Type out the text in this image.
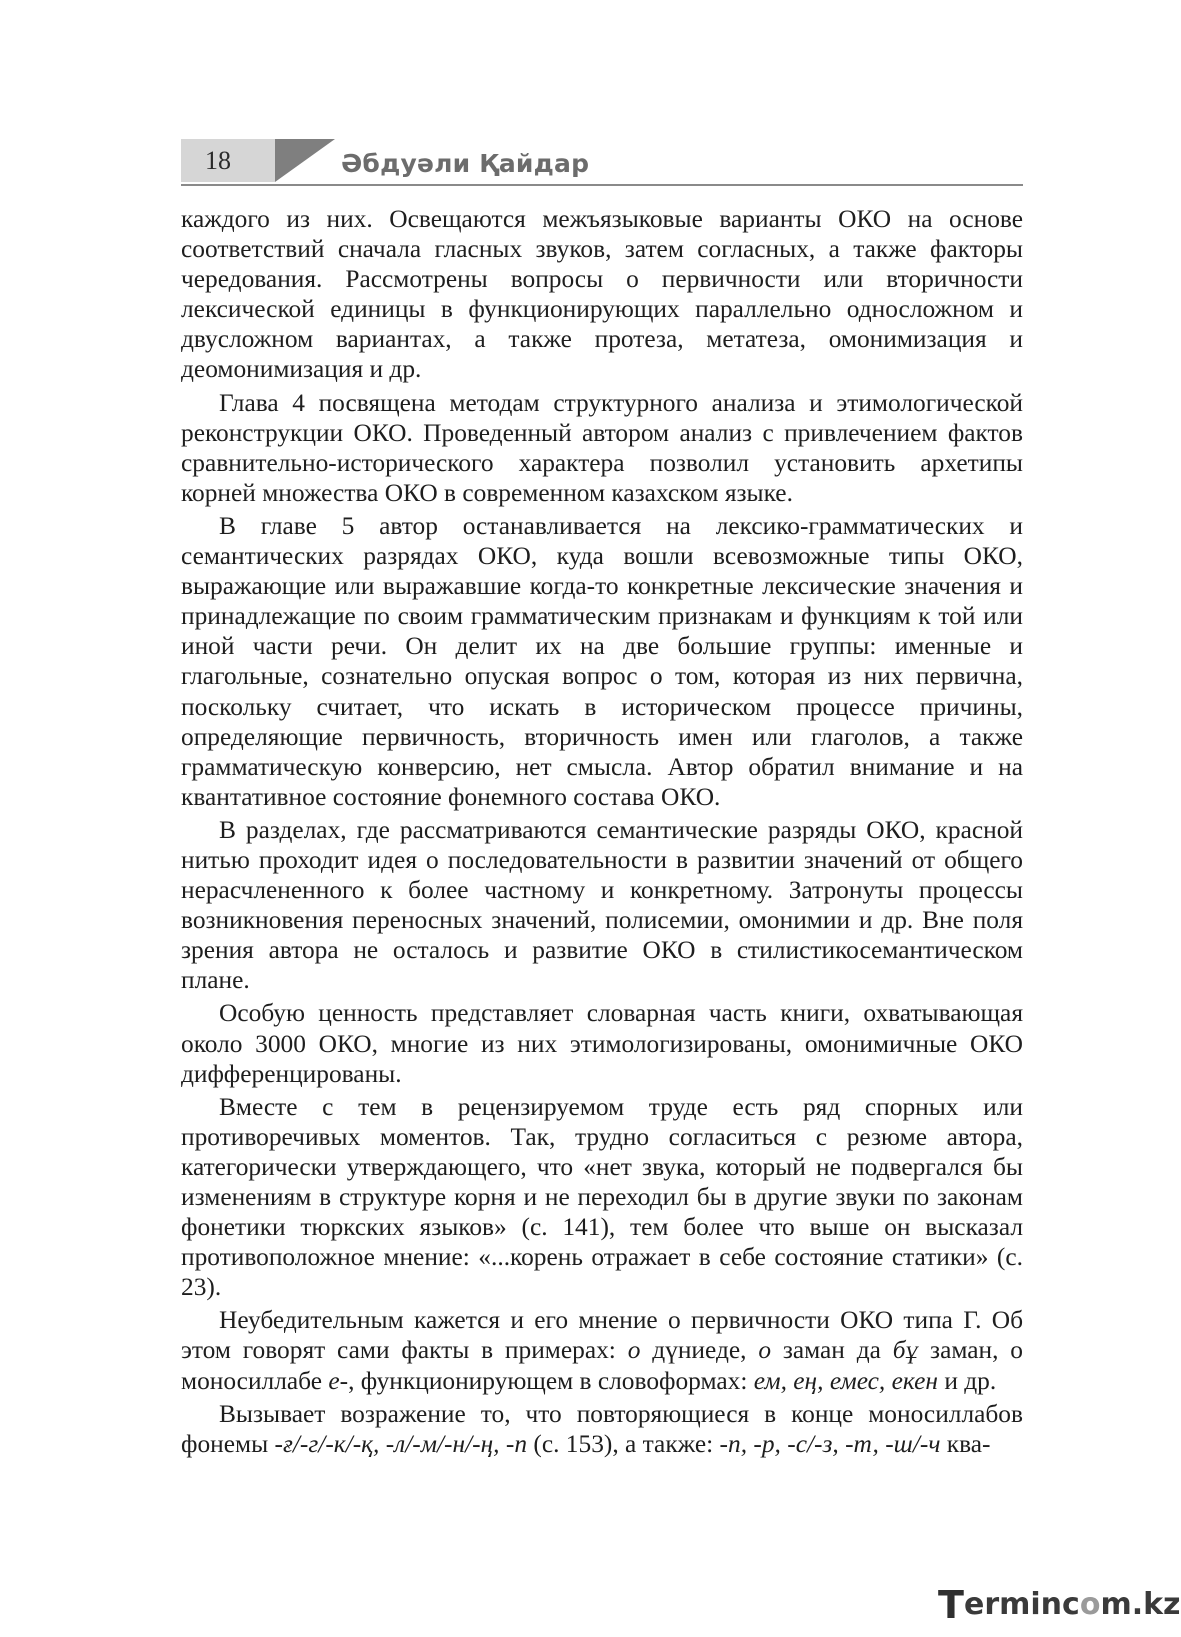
18	Әбдуәли Қайдар

каждого из них. Освещаются межъязыковые варианты ОКО на основе соответствий сначала гласных звуков, затем согласных, а также факторы чередования. Рассмотрены вопросы о первичности или вторичности лексической единицы в функционирующих параллельно односложном и двусложном вариантах, а также протеза, метатеза, омонимизация и деомонимизация и др.

Глава 4 посвящена методам структурного анализа и этимологической реконструкции ОКО. Проведенный автором анализ с привлечением фактов сравнительно-исторического характера позволил установить архетипы корней множества ОКО в современном казахском языке.

В главе 5 автор останавливается на лексико-грамматических и семантических разрядах ОКО, куда вошли всевозможные типы ОКО, выражающие или выражавшие когда-то конкретные лексические значения и принадлежащие по своим грамматическим признакам и функциям к той или иной части речи. Он делит их на две большие группы: именные и глагольные, сознательно опуская вопрос о том, которая из них первична, поскольку считает, что искать в историческом процессе причины, определяющие первичность, вторичность имен или глаголов, а также грамматическую конверсию, нет смысла. Автор обратил внимание и на квантативное состояние фонемного состава ОКО.

В разделах, где рассматриваются семантические разряды ОКО, красной нитью проходит идея о последовательности в развитии значений от общего нерасчлененного к более частному и конкретному. Затронуты процессы возникновения переносных значений, полисемии, омонимии и др. Вне поля зрения автора не осталось и развитие ОКО в стилистикосемантическом плане.

Особую ценность представляет словарная часть книги, охватывающая около 3000 ОКО, многие из них этимологизированы, омонимичные ОКО дифференцированы.

Вместе с тем в рецензируемом труде есть ряд спорных или противоречивых моментов. Так, трудно согласиться с резюме автора, категорически утверждающего, что «нет звука, который не подвергался бы изменениям в структуре корня и не переходил бы в другие звуки по законам фонетики тюркских языков» (с. 141), тем более что выше он высказал противоположное мнение: «...корень отражает в себе состояние статики» (с. 23).

Неубедительным кажется и его мнение о первичности ОКО типа Г. Об этом говорят сами факты в примерах: о дүниеде, о заман да бұ заман, о моносиллабе е-, функционирующем в словоформах: ем, ең, емес, екен и др.

Вызывает возражение то, что повторяющиеся в конце моносиллабов фонемы -ғ/-г/-к/-қ, -л/-м/-н/-ң, -п (с. 153), а также: -п, -р, -с/-з, -т, -ш/-ч ква-

T ermincom.kz
